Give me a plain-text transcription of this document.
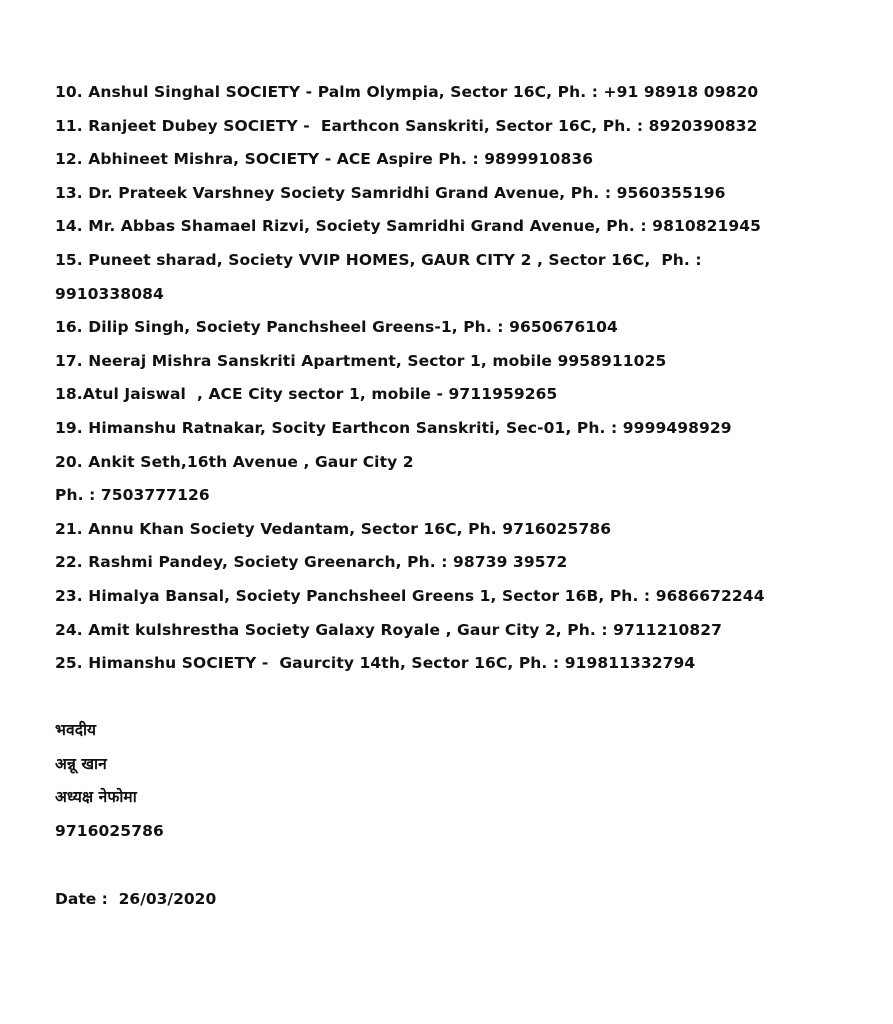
10. Anshul Singhal SOCIETY - Palm Olympia, Sector 16C, Ph. : +91 98918 09820
11. Ranjeet Dubey SOCIETY -  Earthcon Sanskriti, Sector 16C, Ph. : 8920390832
12. Abhineet Mishra, SOCIETY - ACE Aspire Ph. : 9899910836
13. Dr. Prateek Varshney Society Samridhi Grand Avenue, Ph. : 9560355196
14. Mr. Abbas Shamael Rizvi, Society Samridhi Grand Avenue, Ph. : 9810821945
15. Puneet sharad, Society VVIP HOMES, GAUR CITY 2 , Sector 16C,  Ph. :
9910338084
16. Dilip Singh, Society Panchsheel Greens-1, Ph. : 9650676104
17. Neeraj Mishra Sanskriti Apartment, Sector 1, mobile 9958911025
18.Atul Jaiswal  , ACE City sector 1, mobile - 9711959265
19. Himanshu Ratnakar, Socity Earthcon Sanskriti, Sec-01, Ph. : 9999498929
20. Ankit Seth,16th Avenue , Gaur City 2
Ph. : 7503777126
21. Annu Khan Society Vedantam, Sector 16C, Ph. 9716025786
22. Rashmi Pandey, Society Greenarch, Ph. : 98739 39572
23. Himalya Bansal, Society Panchsheel Greens 1, Sector 16B, Ph. : 9686672244
24. Amit kulshrestha Society Galaxy Royale , Gaur City 2, Ph. : 9711210827
25. Himanshu SOCIETY -  Gaurcity 14th, Sector 16C, Ph. : 919811332794
भवदीय
अन्नू खान
अध्यक्ष नेफोमा
9716025786
Date :  26/03/2020
